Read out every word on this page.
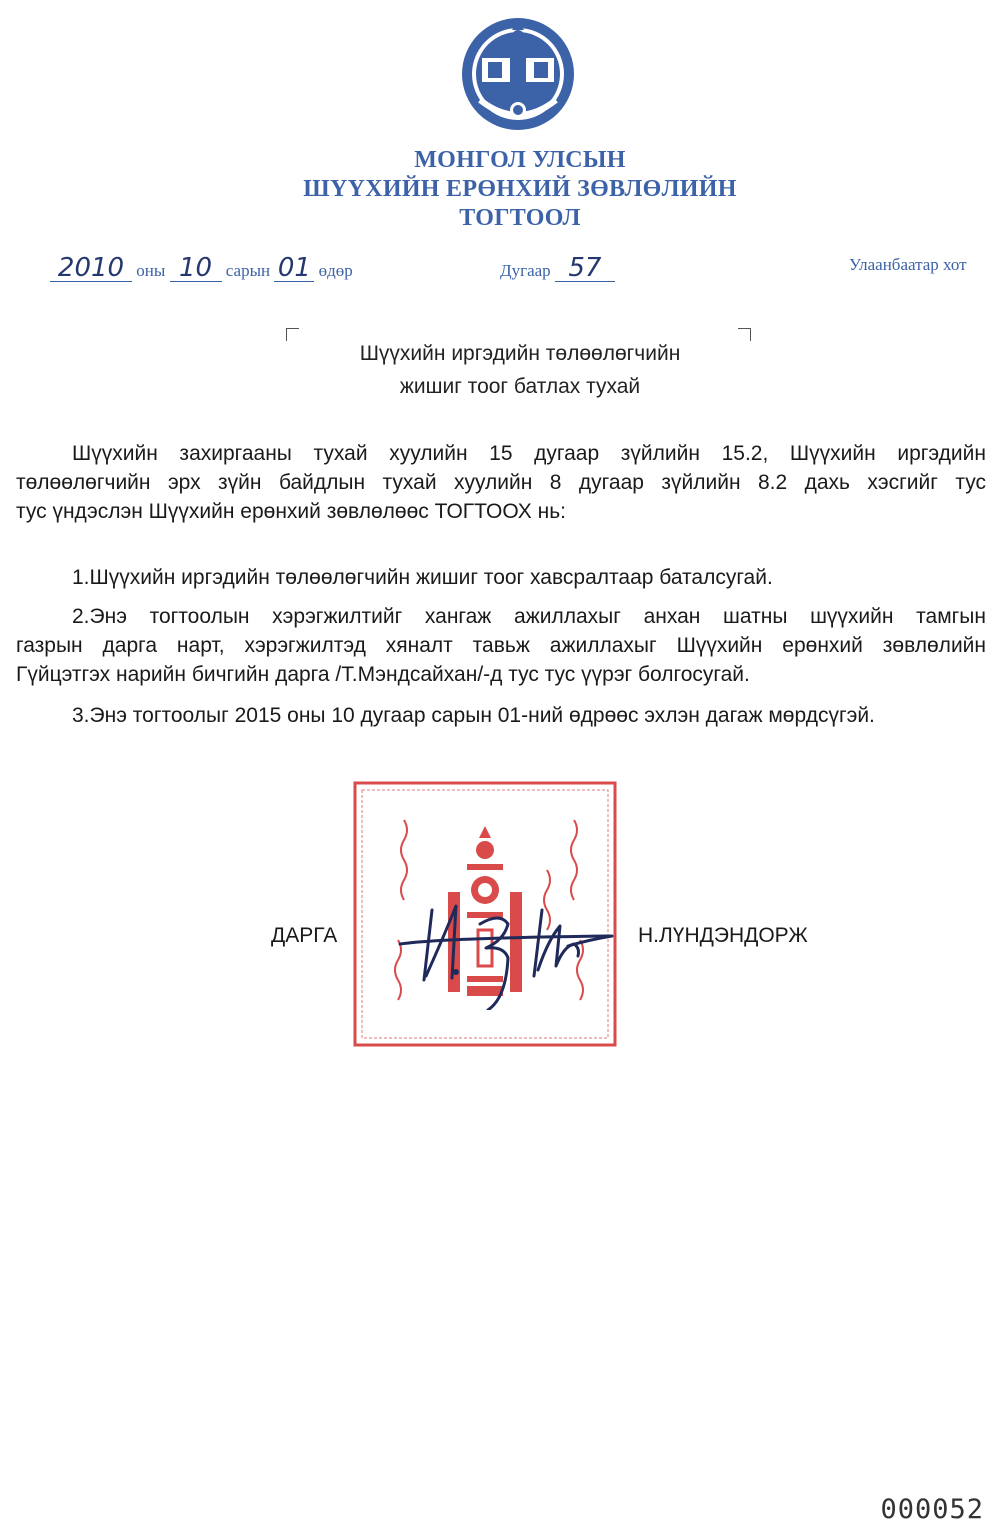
МОНГОЛ УЛСЫН
ШҮҮХИЙН ЕРӨНХИЙ ЗӨВЛӨЛИЙН
ТОГТООЛ
2010 оны 10 сарын 01 өдөр	Дугаар 57	Улаанбаатар хот
Шүүхийн иргэдийн төлөөлөгчийн
жишиг тоог батлах тухай
Шүүхийн захиргааны тухай хуулийн 15 дугаар зүйлийн 15.2, Шүүхийн иргэдийн
төлөөлөгчийн эрх зүйн байдлын тухай хуулийн 8 дугаар зүйлийн 8.2 дахь хэсгийг тус
тус үндэслэн Шүүхийн ерөнхий зөвлөлөөс ТОГТООХ нь:
1.Шүүхийн иргэдийн төлөөлөгчийн жишиг тоог хавсралтаар баталсугай.
2.Энэ тогтоолын хэрэгжилтийг хангаж ажиллахыг анхан шатны шүүхийн тамгын
газрын дарга нарт, хэрэгжилтэд хяналт тавьж ажиллахыг Шүүхийн ерөнхий зөвлөлийн
Гүйцэтгэх нарийн бичгийн дарга /Т.Мэндсайхан/-д тус тус үүрэг болгосугай.
3.Энэ тогтоолыг 2015 оны 10 дугаар сарын 01-ний өдрөөс эхлэн дагаж мөрдсүгэй.
ДАРГА	Н.ЛҮНДЭНДОРЖ
000052
